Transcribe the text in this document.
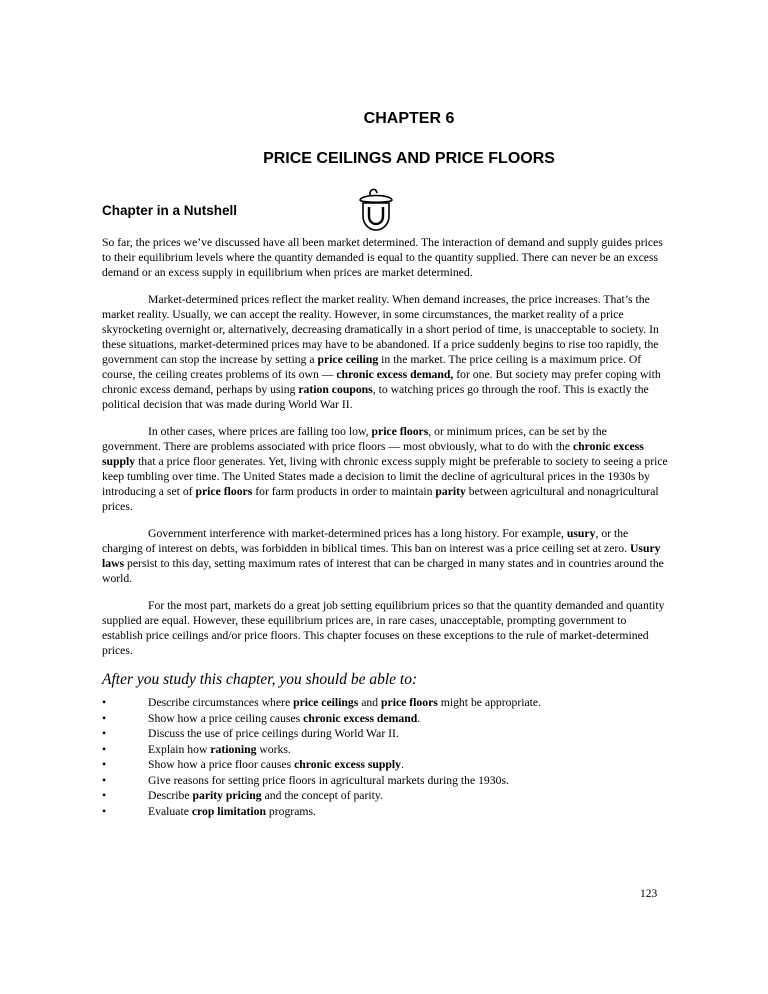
CHAPTER 6
PRICE CEILINGS AND PRICE FLOORS
Chapter in a Nutshell

So far, the prices we’ve discussed have all been market determined. The interaction of demand and supply guides prices to their equilibrium levels where the quantity demanded is equal to the quantity supplied. There can never be an excess demand or an excess supply in equilibrium when prices are market determined.

Market-determined prices reflect the market reality. When demand increases, the price increases. That’s the market reality. Usually, we can accept the reality. However, in some circumstances, the market reality of a price skyrocketing overnight or, alternatively, decreasing dramatically in a short period of time, is unacceptable to society. In these situations, market-determined prices may have to be abandoned. If a price suddenly begins to rise too rapidly, the government can stop the increase by setting a price ceiling in the market. The price ceiling is a maximum price. Of course, the ceiling creates problems of its own — chronic excess demand, for one. But society may prefer coping with chronic excess demand, perhaps by using ration coupons, to watching prices go through the roof. This is exactly the political decision that was made during World War II.

In other cases, where prices are falling too low, price floors, or minimum prices, can be set by the government. There are problems associated with price floors — most obviously, what to do with the chronic excess supply that a price floor generates. Yet, living with chronic excess supply might be preferable to society to seeing a price keep tumbling over time. The United States made a decision to limit the decline of agricultural prices in the 1930s by introducing a set of price floors for farm products in order to maintain parity between agricultural and nonagricultural prices.

Government interference with market-determined prices has a long history. For example, usury, or the charging of interest on debts, was forbidden in biblical times. This ban on interest was a price ceiling set at zero. Usury laws persist to this day, setting maximum rates of interest that can be charged in many states and in countries around the world.

For the most part, markets do a great job setting equilibrium prices so that the quantity demanded and quantity supplied are equal. However, these equilibrium prices are, in rare cases, unacceptable, prompting government to establish price ceilings and/or price floors. This chapter focuses on these exceptions to the rule of market-determined prices.

After you study this chapter, you should be able to:
•	Describe circumstances where price ceilings and price floors might be appropriate.
•	Show how a price ceiling causes chronic excess demand.
•	Discuss the use of price ceilings during World War II.
•	Explain how rationing works.
•	Show how a price floor causes chronic excess supply.
•	Give reasons for setting price floors in agricultural markets during the 1930s.
•	Describe parity pricing and the concept of parity.
•	Evaluate crop limitation programs.
123
